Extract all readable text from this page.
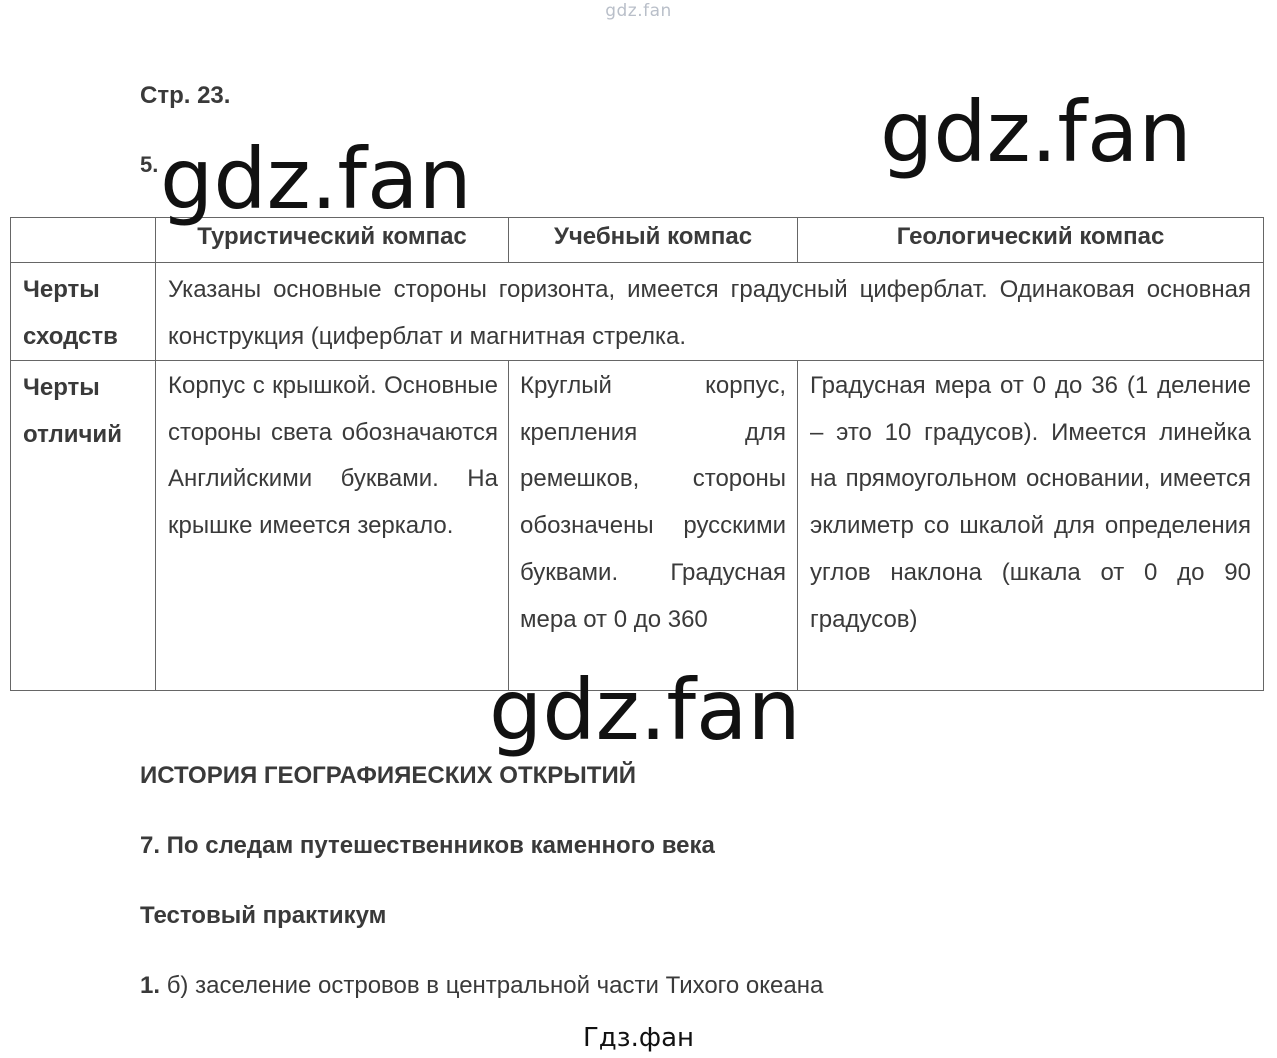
gdz.fan
Стр. 23.
5.	gdz.fan
	Туристический компас	Учебный компас	Геологический компас
Черты сходств	Указаны основные стороны горизонта, имеется градусный циферблат. Одинаковая основная конструкция (циферблат и магнитная стрелка.		
Черты отличий	Корпус с крышкой. Основные стороны света обозначаются Английскими буквами. На крышке имеется зеркало.	Круглый корпус, крепления для ремешков, стороны обозначены русскими буквами. Градусная мера от 0 до 360	Градусная мера от 0 до 36 (1 деление – это 10 градусов). Имеется линейка на прямоугольном основании, имеется эклиметр со шкалой для определения углов наклона (шкала от 0 до 90 градусов)
gdz.fan
gdz.fan
ИСТОРИЯ ГЕОГРАФИЯЕСКИХ ОТКРЫТИЙ
7. По следам путешественников каменного века
Тестовый практикум
1. б) заселение островов в центральной части Тихого океана
Гдз.фан
